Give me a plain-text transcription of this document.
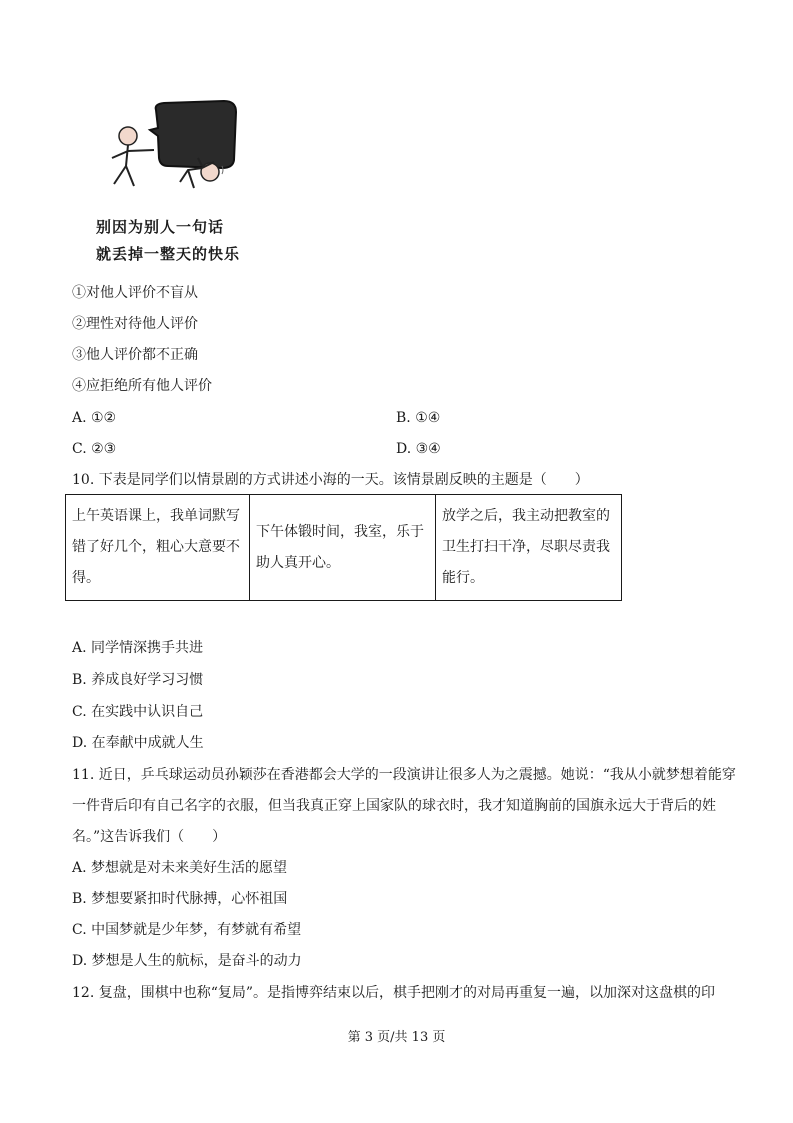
别因为别人一句话
就丢掉一整天的快乐
①对他人评价不盲从
②理性对待他人评价
③他人评价都不正确
④应拒绝所有他人评价
A. ①②	B. ①④
C. ②③	D. ③④
10. 下表是同学们以情景剧的方式讲述小海的一天。该情景剧反映的主题是（　　）
上午英语课上，我单词默写错了好几个，粗心大意要不得。	下午体锻时间，我室，乐于助人真开心。	放学之后，我主动把教室的卫生打扫干净，尽职尽责我能行。
A. 同学情深携手共进
B. 养成良好学习习惯
C. 在实践中认识自己
D. 在奉献中成就人生
11. 近日，乒乓球运动员孙颖莎在香港都会大学的一段演讲让很多人为之震撼。她说：“我从小就梦想着能穿
一件背后印有自己名字的衣服，但当我真正穿上国家队的球衣时，我才知道胸前的国旗永远大于背后的姓
名。”这告诉我们（　　）
A. 梦想就是对未来美好生活的愿望
B. 梦想要紧扣时代脉搏，心怀祖国
C. 中国梦就是少年梦，有梦就有希望
D. 梦想是人生的航标，是奋斗的动力
12. 复盘，围棋中也称“复局”。是指博弈结束以后，棋手把刚才的对局再重复一遍，以加深对这盘棋的印
第 3 页/共 13 页
